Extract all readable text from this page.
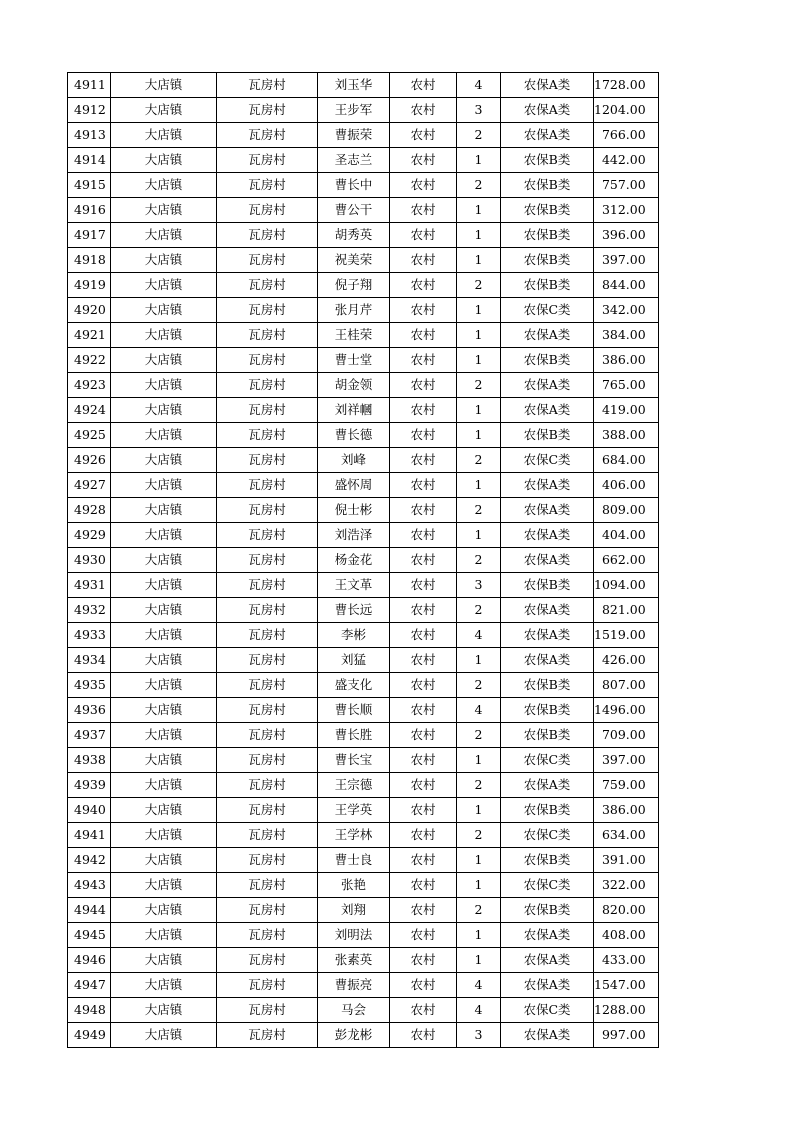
4911	大店镇	瓦房村	刘玉华	农村	4	农保A类	1728.00
4912	大店镇	瓦房村	王步军	农村	3	农保A类	1204.00
4913	大店镇	瓦房村	曹振荣	农村	2	农保A类	766.00
4914	大店镇	瓦房村	圣志兰	农村	1	农保B类	442.00
4915	大店镇	瓦房村	曹长中	农村	2	农保B类	757.00
4916	大店镇	瓦房村	曹公干	农村	1	农保B类	312.00
4917	大店镇	瓦房村	胡秀英	农村	1	农保B类	396.00
4918	大店镇	瓦房村	祝美荣	农村	1	农保B类	397.00
4919	大店镇	瓦房村	倪子翔	农村	2	农保B类	844.00
4920	大店镇	瓦房村	张月芹	农村	1	农保C类	342.00
4921	大店镇	瓦房村	王桂荣	农村	1	农保A类	384.00
4922	大店镇	瓦房村	曹士堂	农村	1	农保B类	386.00
4923	大店镇	瓦房村	胡金领	农村	2	农保A类	765.00
4924	大店镇	瓦房村	刘祥幗	农村	1	农保A类	419.00
4925	大店镇	瓦房村	曹长德	农村	1	农保B类	388.00
4926	大店镇	瓦房村	刘峰	农村	2	农保C类	684.00
4927	大店镇	瓦房村	盛怀周	农村	1	农保A类	406.00
4928	大店镇	瓦房村	倪士彬	农村	2	农保A类	809.00
4929	大店镇	瓦房村	刘浩泽	农村	1	农保A类	404.00
4930	大店镇	瓦房村	杨金花	农村	2	农保A类	662.00
4931	大店镇	瓦房村	王文革	农村	3	农保B类	1094.00
4932	大店镇	瓦房村	曹长远	农村	2	农保A类	821.00
4933	大店镇	瓦房村	李彬	农村	4	农保A类	1519.00
4934	大店镇	瓦房村	刘猛	农村	1	农保A类	426.00
4935	大店镇	瓦房村	盛支化	农村	2	农保B类	807.00
4936	大店镇	瓦房村	曹长顺	农村	4	农保B类	1496.00
4937	大店镇	瓦房村	曹长胜	农村	2	农保B类	709.00
4938	大店镇	瓦房村	曹长宝	农村	1	农保C类	397.00
4939	大店镇	瓦房村	王宗德	农村	2	农保A类	759.00
4940	大店镇	瓦房村	王学英	农村	1	农保B类	386.00
4941	大店镇	瓦房村	王学林	农村	2	农保C类	634.00
4942	大店镇	瓦房村	曹士良	农村	1	农保B类	391.00
4943	大店镇	瓦房村	张艳	农村	1	农保C类	322.00
4944	大店镇	瓦房村	刘翔	农村	2	农保B类	820.00
4945	大店镇	瓦房村	刘明法	农村	1	农保A类	408.00
4946	大店镇	瓦房村	张素英	农村	1	农保A类	433.00
4947	大店镇	瓦房村	曹振亮	农村	4	农保A类	1547.00
4948	大店镇	瓦房村	马会	农村	4	农保C类	1288.00
4949	大店镇	瓦房村	彭龙彬	农村	3	农保A类	997.00
